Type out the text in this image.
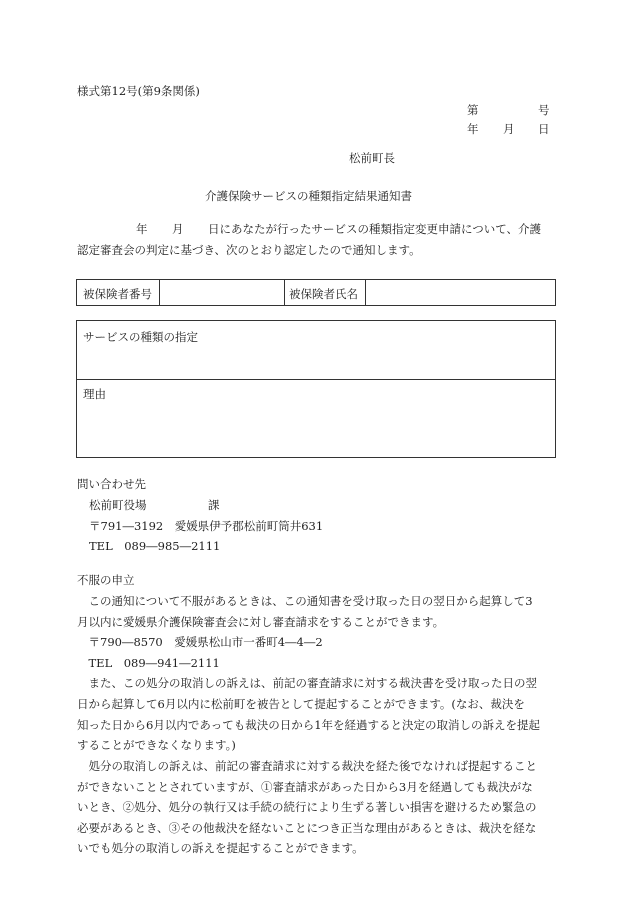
様式第12号(第9条関係)
第	号
年 月 日
松前町長
介護保険サービスの種類指定結果通知書
年 月 日にあなたが行ったサービスの種類指定変更申請について、介護
認定審査会の判定に基づき、次のとおり認定したので通知します。
被保険者番号	被保険者氏名
サービスの種類の指定
理由
問い合わせ先
松前町役場	課
〒791―3192　愛媛県伊予郡松前町筒井631
TEL　089―985―2111
不服の申立
　この通知について不服があるときは、この通知書を受け取った日の翌日から起算して3
月以内に愛媛県介護保険審査会に対し審査請求をすることができます。
　〒790―8570　愛媛県松山市一番町4―4―2
　TEL　089―941―2111
　また、この処分の取消しの訴えは、前記の審査請求に対する裁決書を受け取った日の翌
日から起算して6月以内に松前町を被告として提起することができます。(なお、裁決を
知った日から6月以内であっても裁決の日から1年を経過すると決定の取消しの訴えを提起
することができなくなります。)
　処分の取消しの訴えは、前記の審査請求に対する裁決を経た後でなければ提起すること
ができないこととされていますが、①審査請求があった日から3月を経過しても裁決がな
いとき、②処分、処分の執行又は手続の続行により生ずる著しい損害を避けるため緊急の
必要があるとき、③その他裁決を経ないことにつき正当な理由があるときは、裁決を経な
いでも処分の取消しの訴えを提起することができます。
